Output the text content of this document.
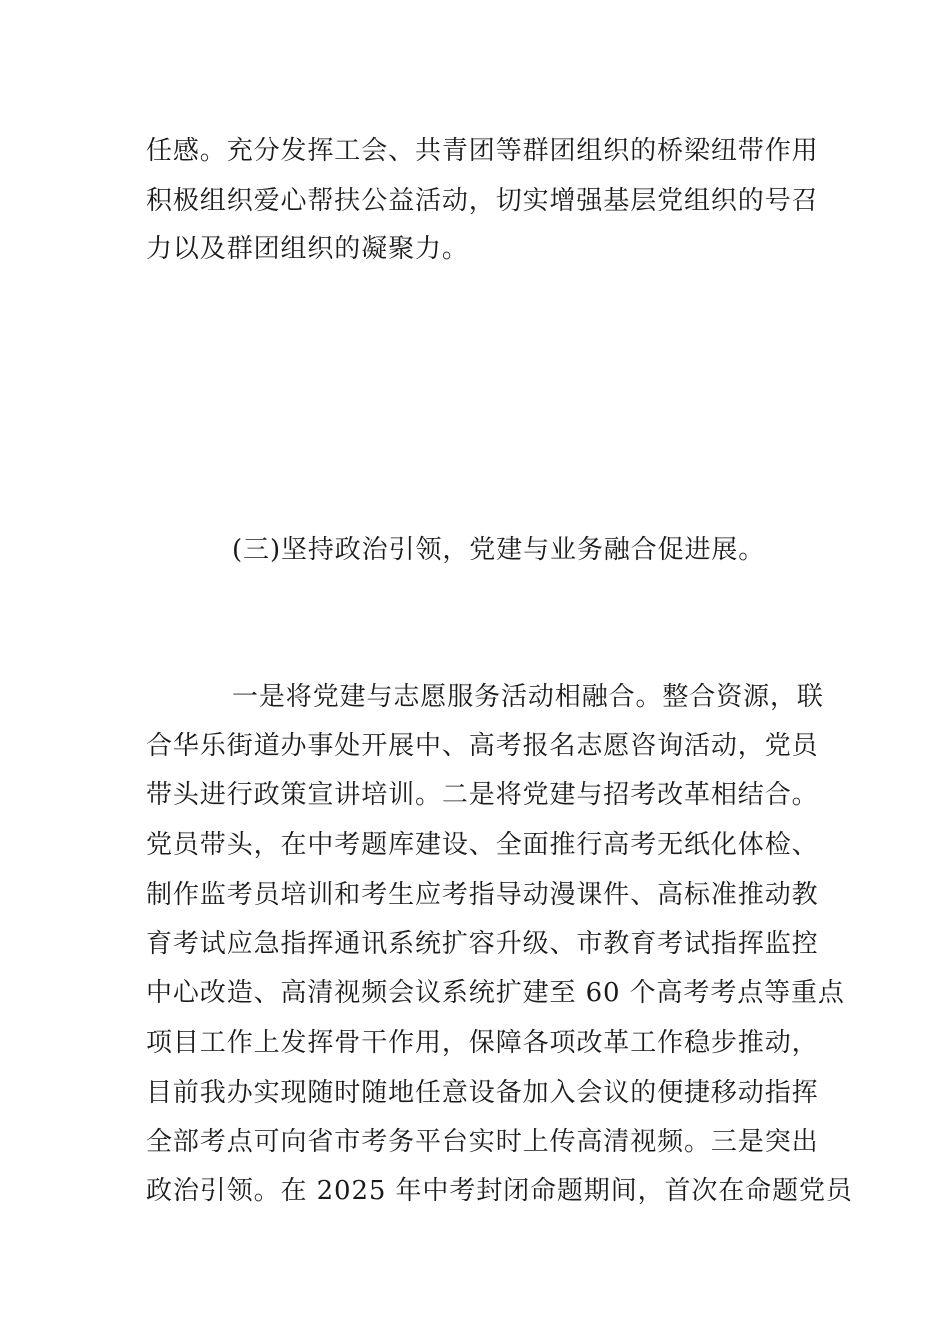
任感。充分发挥工会、共青团等群团组织的桥梁纽带作用
积极组织爱心帮扶公益活动，切实增强基层党组织的号召
力以及群团组织的凝聚力。
(三)坚持政治引领，党建与业务融合促进展。
一是将党建与志愿服务活动相融合。整合资源，联
合华乐街道办事处开展中、高考报名志愿咨询活动，党员
带头进行政策宣讲培训。二是将党建与招考改革相结合。
党员带头，在中考题库建设、全面推行高考无纸化体检、
制作监考员培训和考生应考指导动漫课件、高标准推动教
育考试应急指挥通讯系统扩容升级、市教育考试指挥监控
中心改造、高清视频会议系统扩建至 60 个高考考点等重点
项目工作上发挥骨干作用，保障各项改革工作稳步推动，
目前我办实现随时随地任意设备加入会议的便捷移动指挥
全部考点可向省市考务平台实时上传高清视频。三是突出
政治引领。在 2025 年中考封闭命题期间，首次在命题党员
